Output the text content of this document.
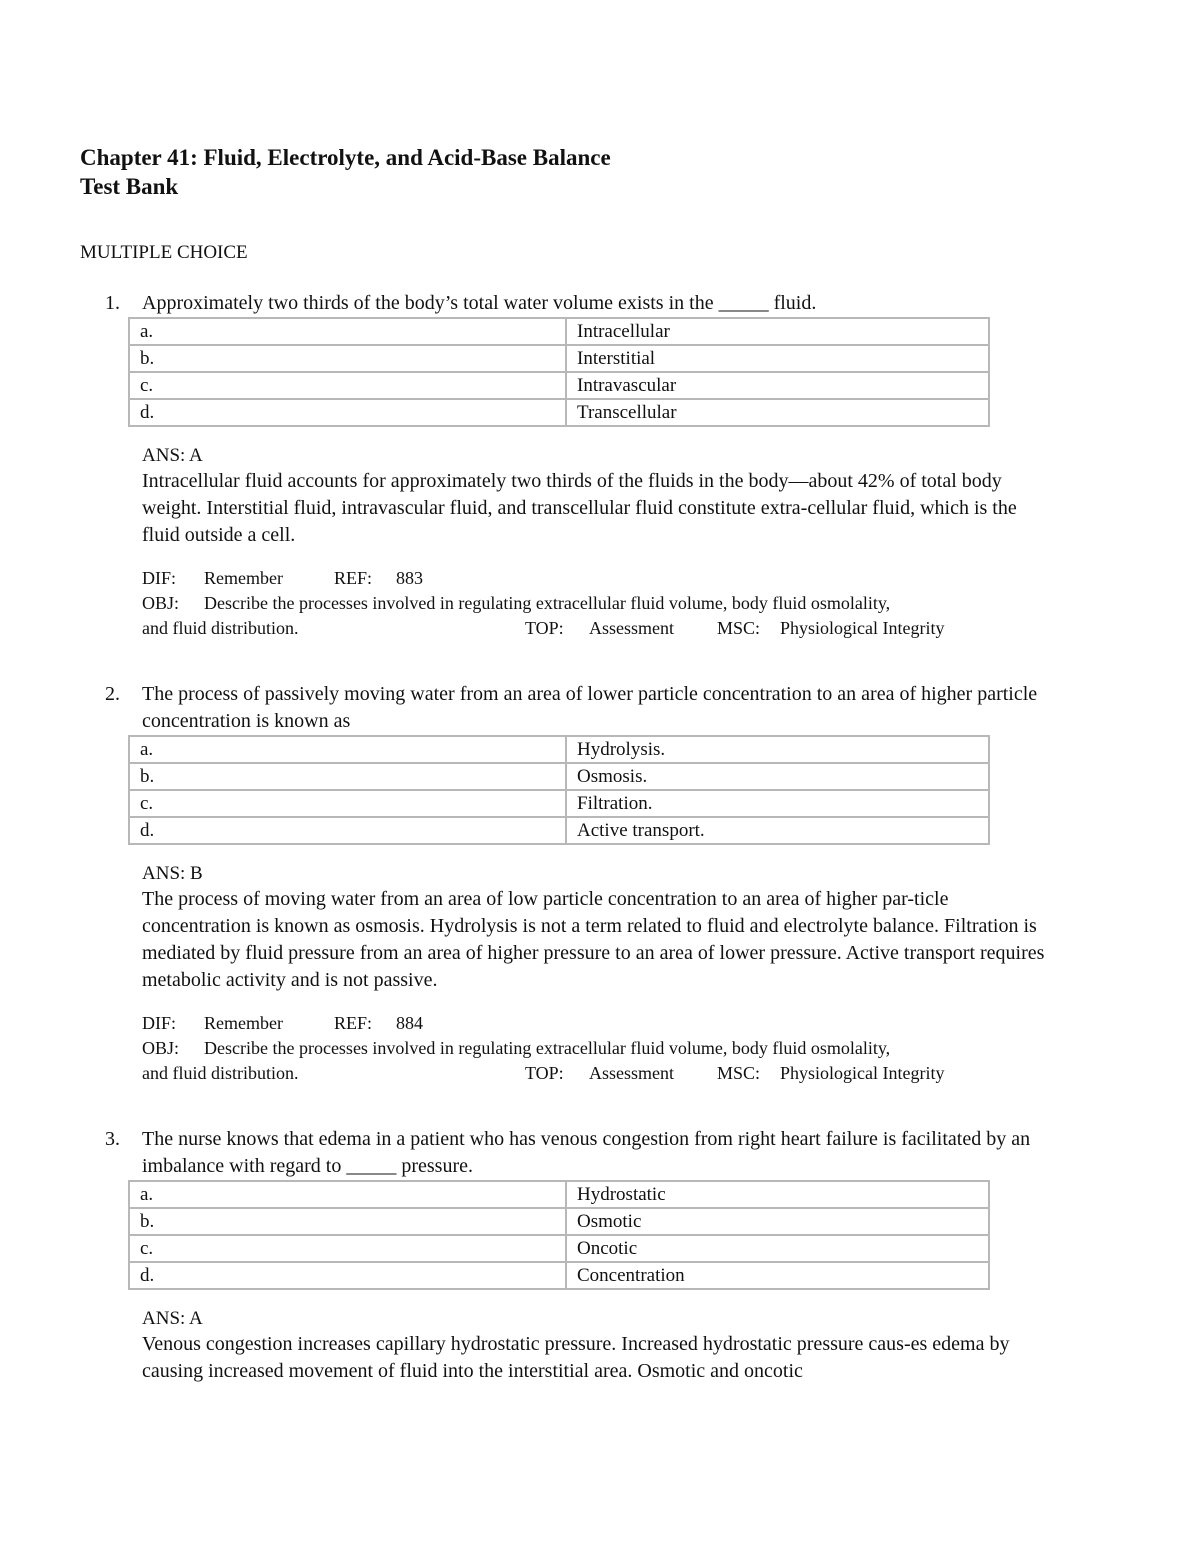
Chapter 41: Fluid, Electrolyte, and Acid-Base Balance
Test Bank
MULTIPLE CHOICE
1. Approximately two thirds of the body’s total water volume exists in the _____ fluid.
a.	Intracellular
b.	Interstitial
c.	Intravascular
d.	Transcellular
ANS: A
Intracellular fluid accounts for approximately two thirds of the fluids in the body—about 42% of total body weight. Interstitial fluid, intravascular fluid, and transcellular fluid constitute extra-cellular fluid, which is the fluid outside a cell.
DIF: Remember	REF: 883
OBJ: Describe the processes involved in regulating extracellular fluid volume, body fluid osmolality,
and fluid distribution.	TOP: Assessment MSC: Physiological Integrity
2. The process of passively moving water from an area of lower particle concentration to an area of higher particle concentration is known as
a.	Hydrolysis.
b.	Osmosis.
c.	Filtration.
d.	Active transport.
ANS: B
The process of moving water from an area of low particle concentration to an area of higher par-ticle concentration is known as osmosis. Hydrolysis is not a term related to fluid and electrolyte balance. Filtration is mediated by fluid pressure from an area of higher pressure to an area of lower pressure. Active transport requires metabolic activity and is not passive.
DIF: Remember	REF: 884
OBJ: Describe the processes involved in regulating extracellular fluid volume, body fluid osmolality,
and fluid distribution.	TOP: Assessment MSC: Physiological Integrity
3. The nurse knows that edema in a patient who has venous congestion from right heart failure is facilitated by an imbalance with regard to _____ pressure.
a.	Hydrostatic
b.	Osmotic
c.	Oncotic
d.	Concentration
ANS: A
Venous congestion increases capillary hydrostatic pressure. Increased hydrostatic pressure caus-es edema by causing increased movement of fluid into the interstitial area. Osmotic and oncotic
